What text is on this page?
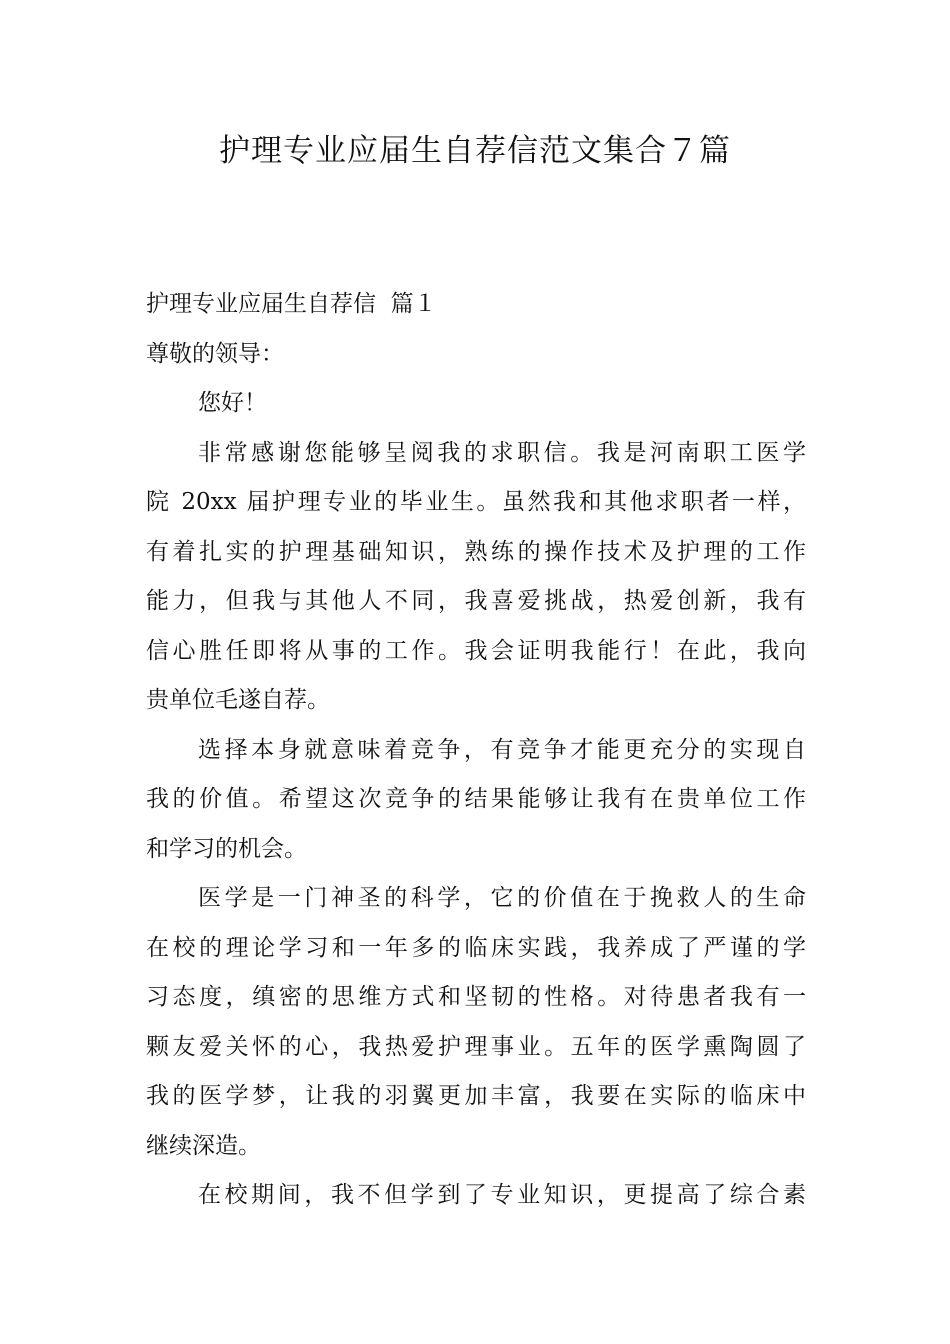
护理专业应届生自荐信范文集合７篇
护理专业应届生自荐信  篇１
尊敬的领导：
您好！
非常感谢您能够呈阅我的求职信。我是河南职工医学
院 20xx 届护理专业的毕业生。虽然我和其他求职者一样，
有着扎实的护理基础知识，熟练的操作技术及护理的工作
能力，但我与其他人不同，我喜爱挑战，热爱创新，我有
信心胜任即将从事的工作。我会证明我能行！在此，我向
贵单位毛遂自荐。
选择本身就意味着竞争，有竞争才能更充分的实现自
我的价值。希望这次竞争的结果能够让我有在贵单位工作
和学习的机会。
医学是一门神圣的科学，它的价值在于挽救人的生命
在校的理论学习和一年多的临床实践，我养成了严谨的学
习态度，缜密的思维方式和坚韧的性格。对待患者我有一
颗友爱关怀的心，我热爱护理事业。五年的医学熏陶圆了
我的医学梦，让我的羽翼更加丰富，我要在实际的临床中
继续深造。
在校期间，我不但学到了专业知识，更提高了综合素
